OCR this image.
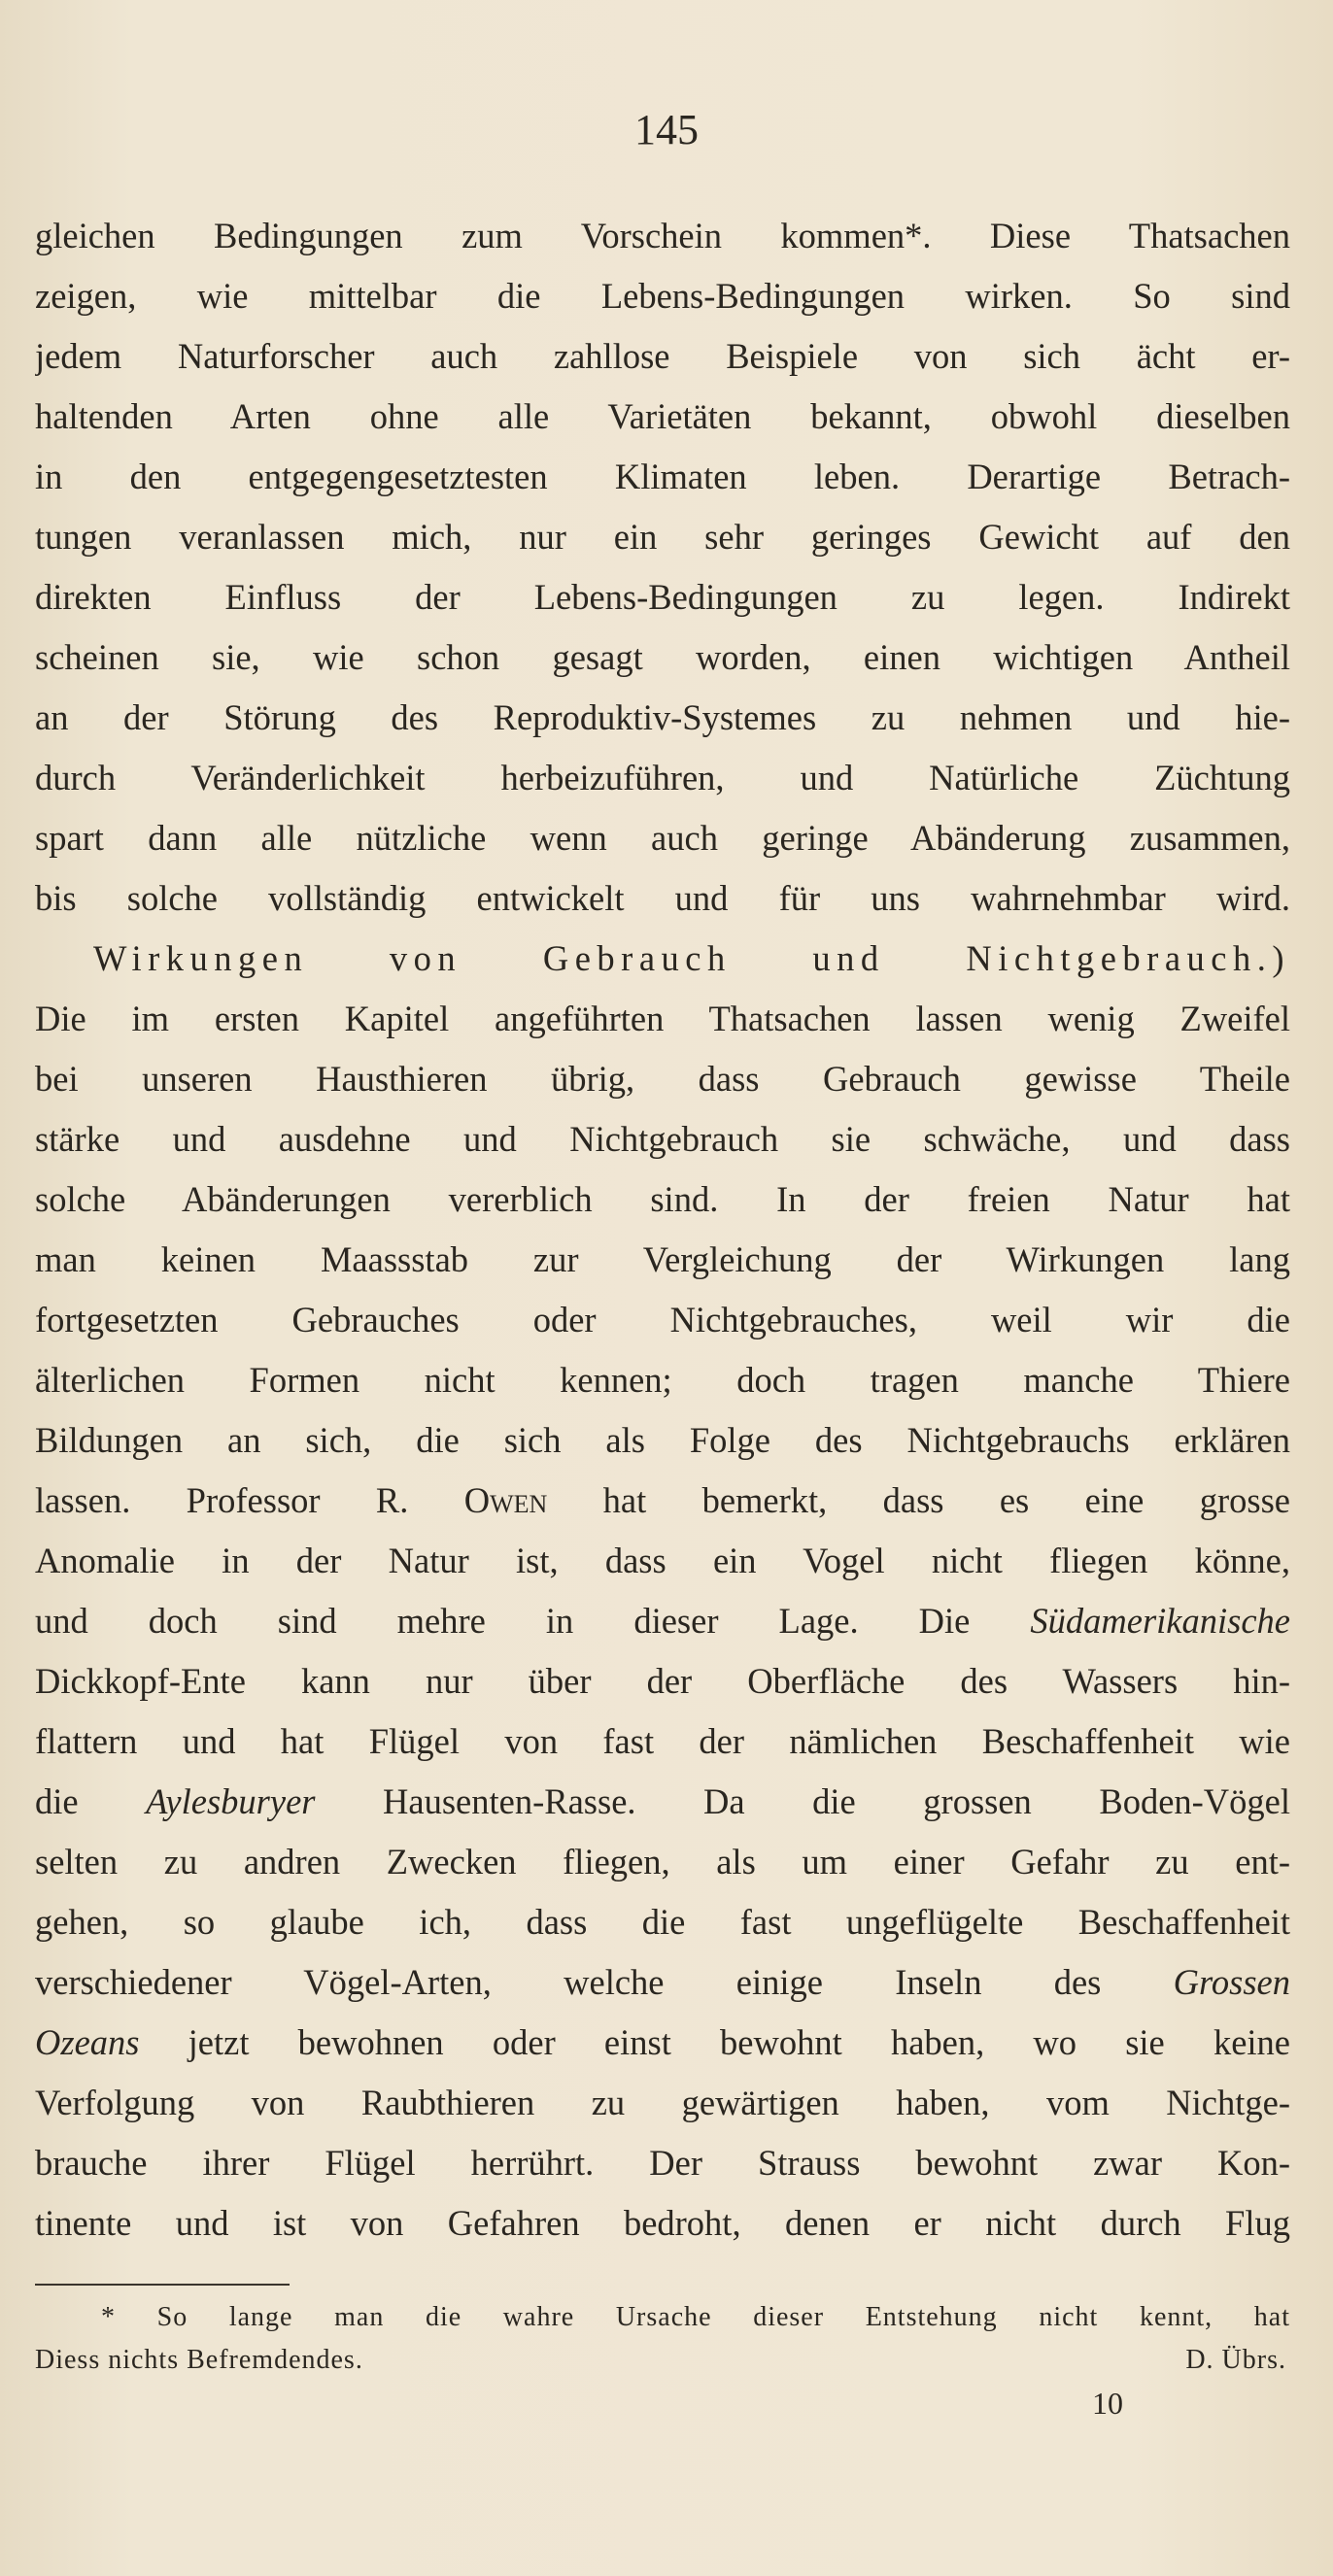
145
gleichen Bedingungen zum Vorschein kommen*. Diese Thatsachen
zeigen, wie mittelbar die Lebens-Bedingungen wirken. So sind
jedem Naturforscher auch zahllose Beispiele von sich ächt er-
haltenden Arten ohne alle Varietäten bekannt, obwohl dieselben
in den entgegengesetztesten Klimaten leben. Derartige Betrach-
tungen veranlassen mich, nur ein sehr geringes Gewicht auf den
direkten Einfluss der Lebens-Bedingungen zu legen. Indirekt
scheinen sie, wie schon gesagt worden, einen wichtigen Antheil
an der Störung des Reproduktiv-Systemes zu nehmen und hie-
durch Veränderlichkeit herbeizuführen, und Natürliche Züchtung
spart dann alle nützliche wenn auch geringe Abänderung zusammen,
bis solche vollständig entwickelt und für uns wahrnehmbar wird.
Wirkungen von Gebrauch und Nichtgebrauch.)
Die im ersten Kapitel angeführten Thatsachen lassen wenig Zweifel
bei unseren Hausthieren übrig, dass Gebrauch gewisse Theile
stärke und ausdehne und Nichtgebrauch sie schwäche, und dass
solche Abänderungen vererblich sind. In der freien Natur hat
man keinen Maassstab zur Vergleichung der Wirkungen lang
fortgesetzten Gebrauches oder Nichtgebrauches, weil wir die
älterlichen Formen nicht kennen; doch tragen manche Thiere
Bildungen an sich, die sich als Folge des Nichtgebrauchs erklären
lassen. Professor R. Owen hat bemerkt, dass es eine grosse
Anomalie in der Natur ist, dass ein Vogel nicht fliegen könne,
und doch sind mehre in dieser Lage. Die Südamerikanische
Dickkopf-Ente kann nur über der Oberfläche des Wassers hin-
flattern und hat Flügel von fast der nämlichen Beschaffenheit wie
die Aylesburyer Hausenten-Rasse. Da die grossen Boden-Vögel
selten zu andren Zwecken fliegen, als um einer Gefahr zu ent-
gehen, so glaube ich, dass die fast ungeflügelte Beschaffenheit
verschiedener Vögel-Arten, welche einige Inseln des Grossen
Ozeans jetzt bewohnen oder einst bewohnt haben, wo sie keine
Verfolgung von Raubthieren zu gewärtigen haben, vom Nichtge-
brauche ihrer Flügel herrührt. Der Strauss bewohnt zwar Kon-
tinente und ist von Gefahren bedroht, denen er nicht durch Flug
* So lange man die wahre Ursache dieser Entstehung nicht kennt, hat
Diess nichts Befremdendes.	D. Übrs.
10
